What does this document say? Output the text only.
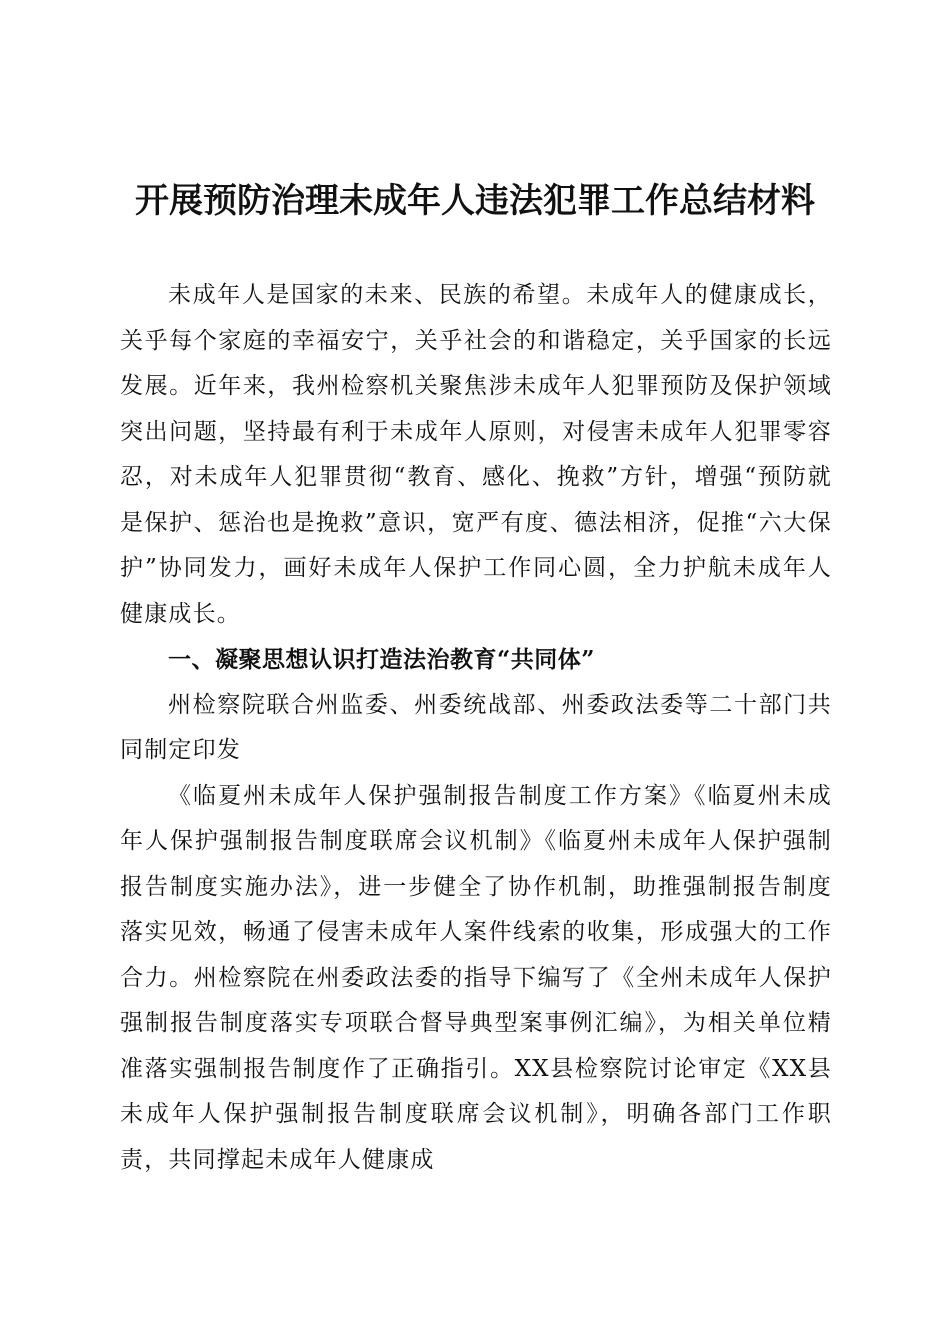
开展预防治理未成年人违法犯罪工作总结材料

未成年人是国家的未来、民族的希望。未成年人的健康成长，关乎每个家庭的幸福安宁，关乎社会的和谐稳定，关乎国家的长远发展。近年来，我州检察机关聚焦涉未成年人犯罪预防及保护领域突出问题，坚持最有利于未成年人原则，对侵害未成年人犯罪零容忍，对未成年人犯罪贯彻“教育、感化、挽救”方针，增强“预防就是保护、惩治也是挽救”意识，宽严有度、德法相济，促推“六大保护”协同发力，画好未成年人保护工作同心圆，全力护航未成年人健康成长。

一、凝聚思想认识打造法治教育“共同体”

州检察院联合州监委、州委统战部、州委政法委等二十部门共同制定印发

《临夏州未成年人保护强制报告制度工作方案》《临夏州未成年人保护强制报告制度联席会议机制》《临夏州未成年人保护强制报告制度实施办法》，进一步健全了协作机制，助推强制报告制度落实见效，畅通了侵害未成年人案件线索的收集，形成强大的工作合力。州检察院在州委政法委的指导下编写了《全州未成年人保护强制报告制度落实专项联合督导典型案事例汇编》，为相关单位精准落实强制报告制度作了正确指引。XX县检察院讨论审定《XX县未成年人保护强制报告制度联席会议机制》，明确各部门工作职责，共同撑起未成年人健康成
